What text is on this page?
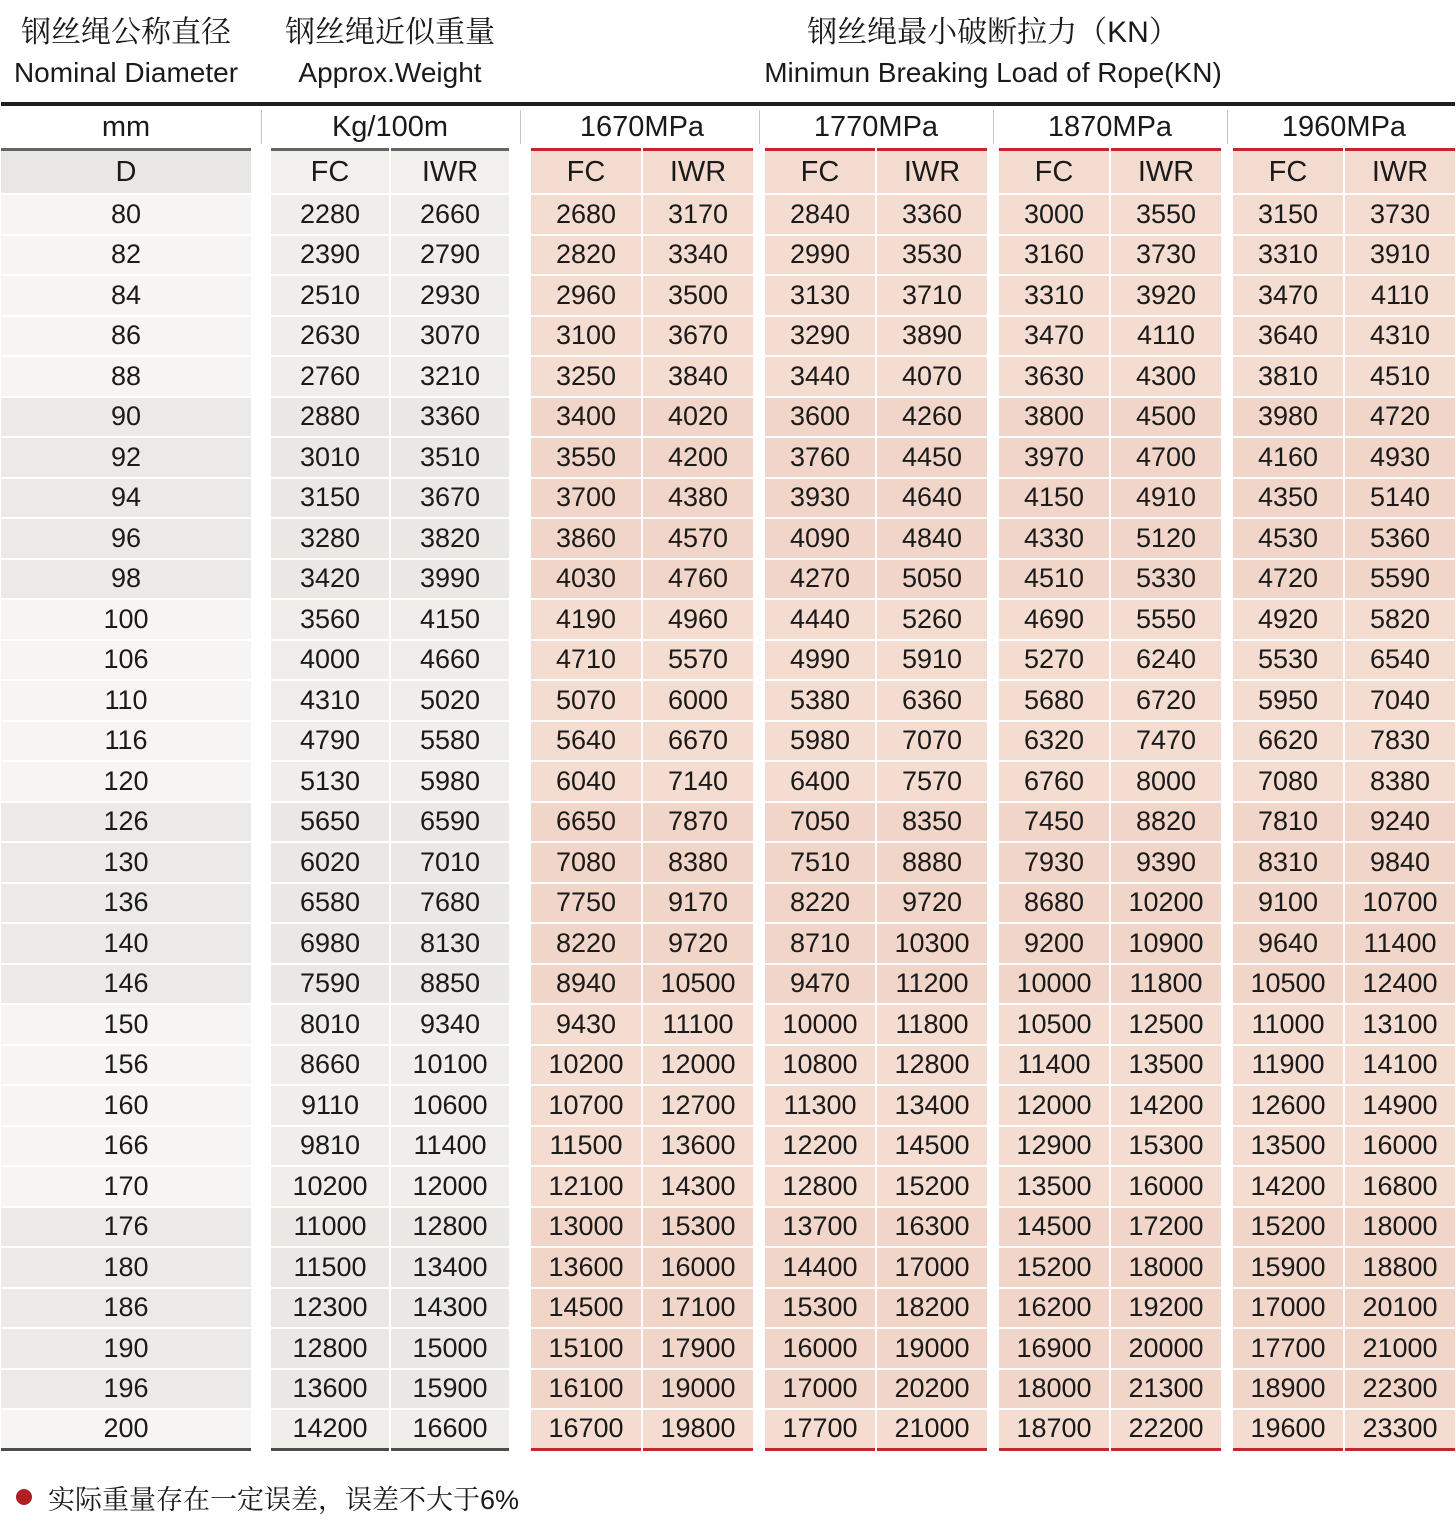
钢丝绳公称直径
Nominal Diameter
钢丝绳近似重量
Approx.Weight
钢丝绳最小破断拉力（KN）
Minimun Breaking Load of Rope(KN)
mm	Kg/100m	1670MPa	1770MPa	1870MPa	1960MPa
D	FC	IWR	FC	IWR	FC	IWR	FC	IWR	FC	IWR
80	2280	2660	2680	3170	2840	3360	3000	3550	3150	3730
82	2390	2790	2820	3340	2990	3530	3160	3730	3310	3910
84	2510	2930	2960	3500	3130	3710	3310	3920	3470	4110
86	2630	3070	3100	3670	3290	3890	3470	4110	3640	4310
88	2760	3210	3250	3840	3440	4070	3630	4300	3810	4510
90	2880	3360	3400	4020	3600	4260	3800	4500	3980	4720
92	3010	3510	3550	4200	3760	4450	3970	4700	4160	4930
94	3150	3670	3700	4380	3930	4640	4150	4910	4350	5140
96	3280	3820	3860	4570	4090	4840	4330	5120	4530	5360
98	3420	3990	4030	4760	4270	5050	4510	5330	4720	5590
100	3560	4150	4190	4960	4440	5260	4690	5550	4920	5820
106	4000	4660	4710	5570	4990	5910	5270	6240	5530	6540
110	4310	5020	5070	6000	5380	6360	5680	6720	5950	7040
116	4790	5580	5640	6670	5980	7070	6320	7470	6620	7830
120	5130	5980	6040	7140	6400	7570	6760	8000	7080	8380
126	5650	6590	6650	7870	7050	8350	7450	8820	7810	9240
130	6020	7010	7080	8380	7510	8880	7930	9390	8310	9840
136	6580	7680	7750	9170	8220	9720	8680	10200	9100	10700
140	6980	8130	8220	9720	8710	10300	9200	10900	9640	11400
146	7590	8850	8940	10500	9470	11200	10000	11800	10500	12400
150	8010	9340	9430	11100	10000	11800	10500	12500	11000	13100
156	8660	10100	10200	12000	10800	12800	11400	13500	11900	14100
160	9110	10600	10700	12700	11300	13400	12000	14200	12600	14900
166	9810	11400	11500	13600	12200	14500	12900	15300	13500	16000
170	10200	12000	12100	14300	12800	15200	13500	16000	14200	16800
176	11000	12800	13000	15300	13700	16300	14500	17200	15200	18000
180	11500	13400	13600	16000	14400	17000	15200	18000	15900	18800
186	12300	14300	14500	17100	15300	18200	16200	19200	17000	20100
190	12800	15000	15100	17900	16000	19000	16900	20000	17700	21000
196	13600	15900	16100	19000	17000	20200	18000	21300	18900	22300
200	14200	16600	16700	19800	17700	21000	18700	22200	19600	23300
实际重量存在一定误差，误差不大于6%
